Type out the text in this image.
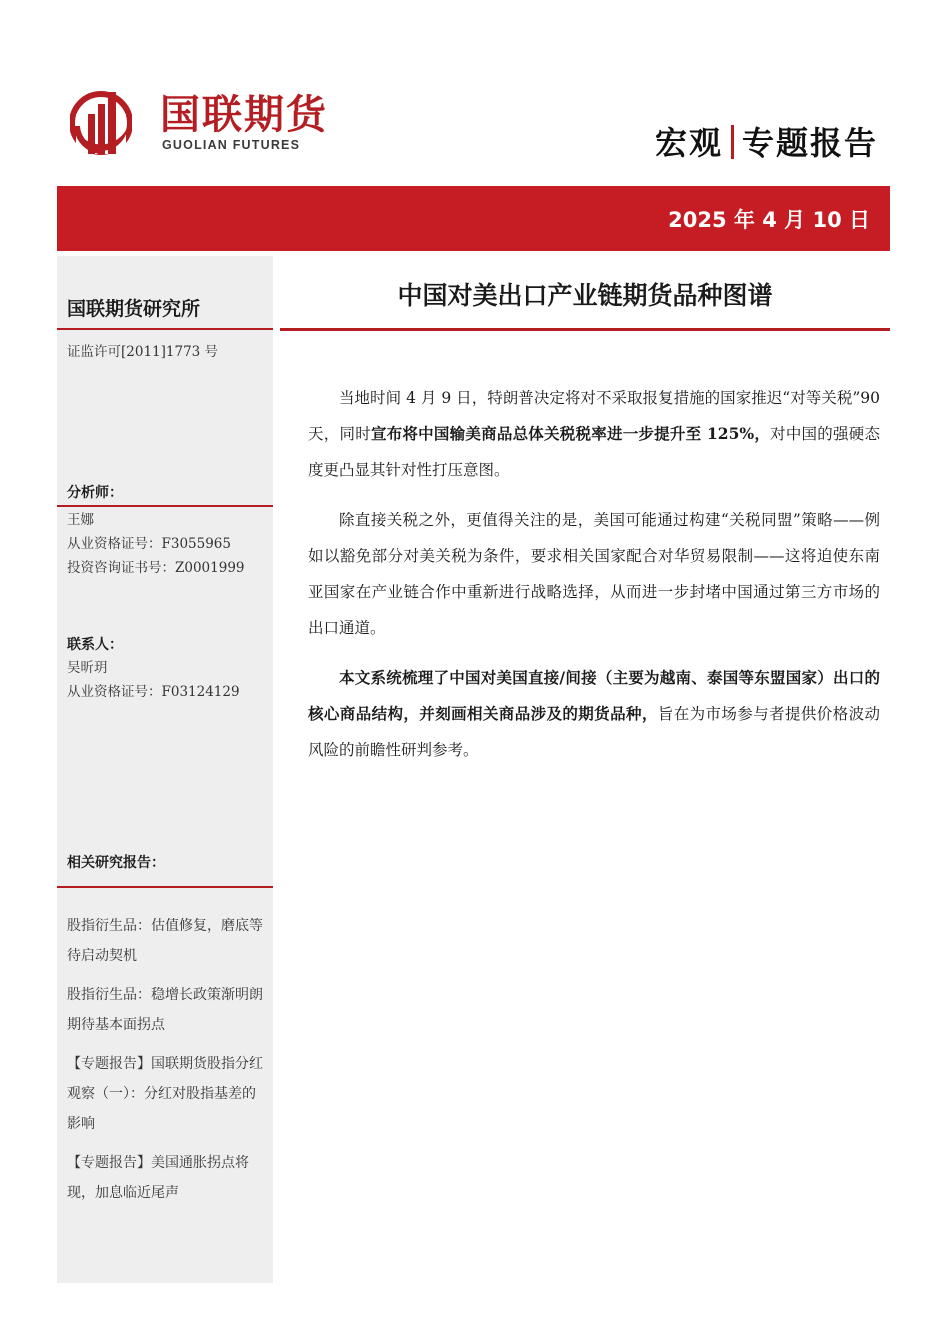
国联期货
GUOLIAN FUTURES	宏观 专题报告
2025 年 4 月 10 日
国联期货研究所
证监许可[2011]1773 号
分析师：
王娜
从业资格证号：F3055965
投资咨询证书号：Z0001999
联系人：
吴昕玥
从业资格证号：F03124129
相关研究报告：
股指衍生品：估值修复，磨底等待启动契机
股指衍生品：稳增长政策渐明朗 期待基本面拐点
【专题报告】国联期货股指分红观察（一）：分红对股指基差的影响
【专题报告】美国通胀拐点将现，加息临近尾声
中国对美出口产业链期货品种图谱

当地时间 4 月 9 日，特朗普决定将对不采取报复措施的国家推迟“对等关税”90 天，同时宣布将中国输美商品总体关税税率进一步提升至 125%，对中国的强硬态度更凸显其针对性打压意图。

除直接关税之外，更值得关注的是，美国可能通过构建“关税同盟”策略——例如以豁免部分对美关税为条件，要求相关国家配合对华贸易限制——这将迫使东南亚国家在产业链合作中重新进行战略选择，从而进一步封堵中国通过第三方市场的出口通道。

本文系统梳理了中国对美国直接/间接（主要为越南、泰国等东盟国家）出口的核心商品结构，并刻画相关商品涉及的期货品种，旨在为市场参与者提供价格波动风险的前瞻性研判参考。
